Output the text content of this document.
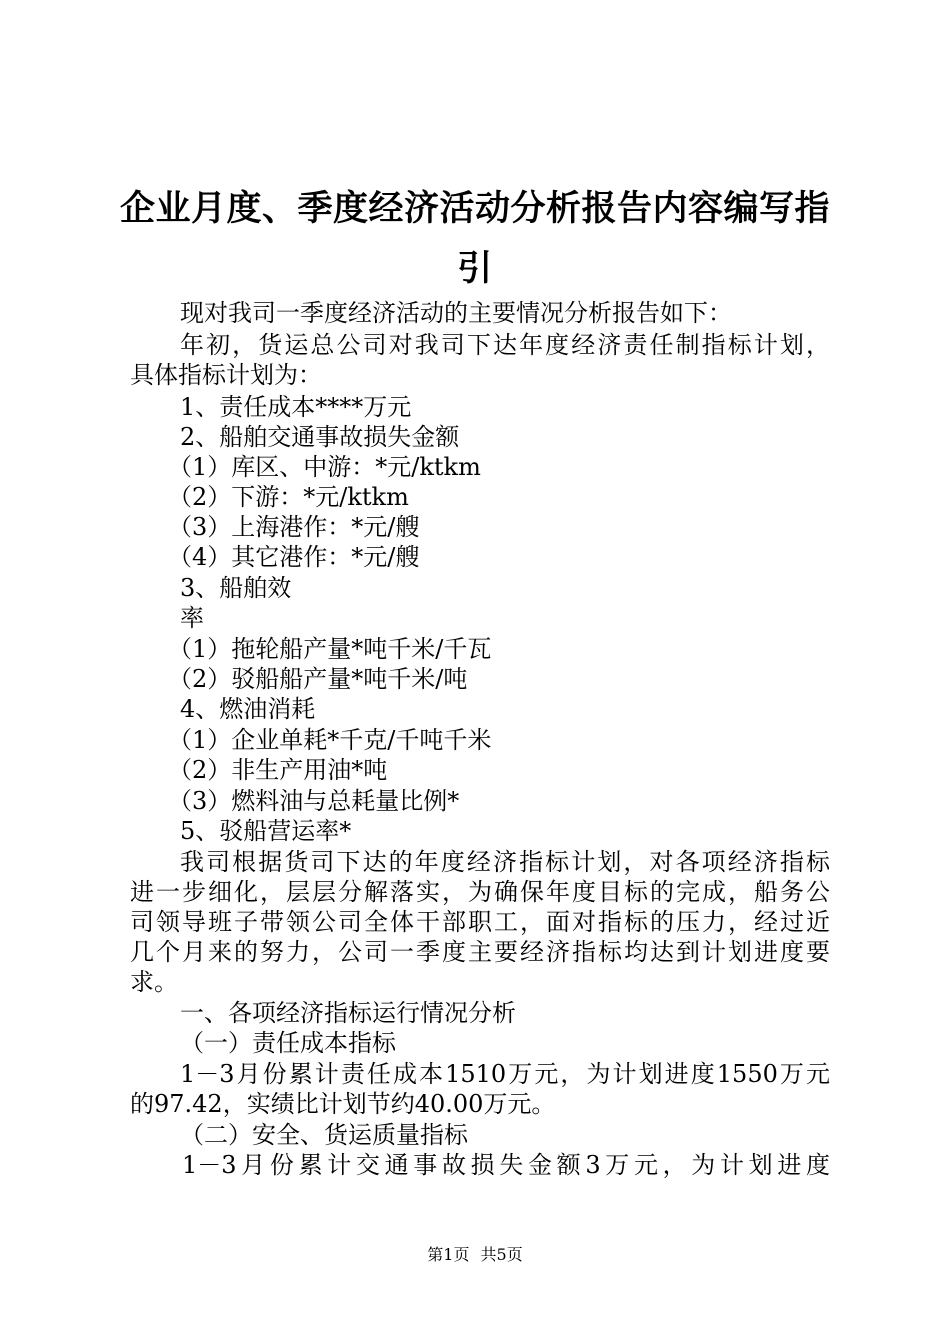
企业月度、季度经济活动分析报告内容编写指
引
现对我司一季度经济活动的主要情况分析报告如下：
年初，货运总公司对我司下达年度经济责任制指标计划，
具体指标计划为：
1、责任成本****万元
2、船舶交通事故损失金额
（1）库区、中游：*元/ktkm
（2）下游：*元/ktkm
（3）上海港作：*元/艘
（4）其它港作：*元/艘
3、船舶效
率
（1）拖轮船产量*吨千米/千瓦
（2）驳船船产量*吨千米/吨
4、燃油消耗
（1）企业单耗*千克/千吨千米
（2）非生产用油*吨
（3）燃料油与总耗量比例*
5、驳船营运率*
我司根据货司下达的年度经济指标计划，对各项经济指标
进一步细化，层层分解落实，为确保年度目标的完成，船务公
司领导班子带领公司全体干部职工，面对指标的压力，经过近
几个月来的努力，公司一季度主要经济指标均达到计划进度要
求。
一、各项经济指标运行情况分析
（一）责任成本指标
1－3月份累计责任成本1510万元，为计划进度1550万元
的97.42，实绩比计划节约40.00万元。
（二）安全、货运质量指标
1－3月份累计交通事故损失金额3万元，为计划进度
第1页 共5页
